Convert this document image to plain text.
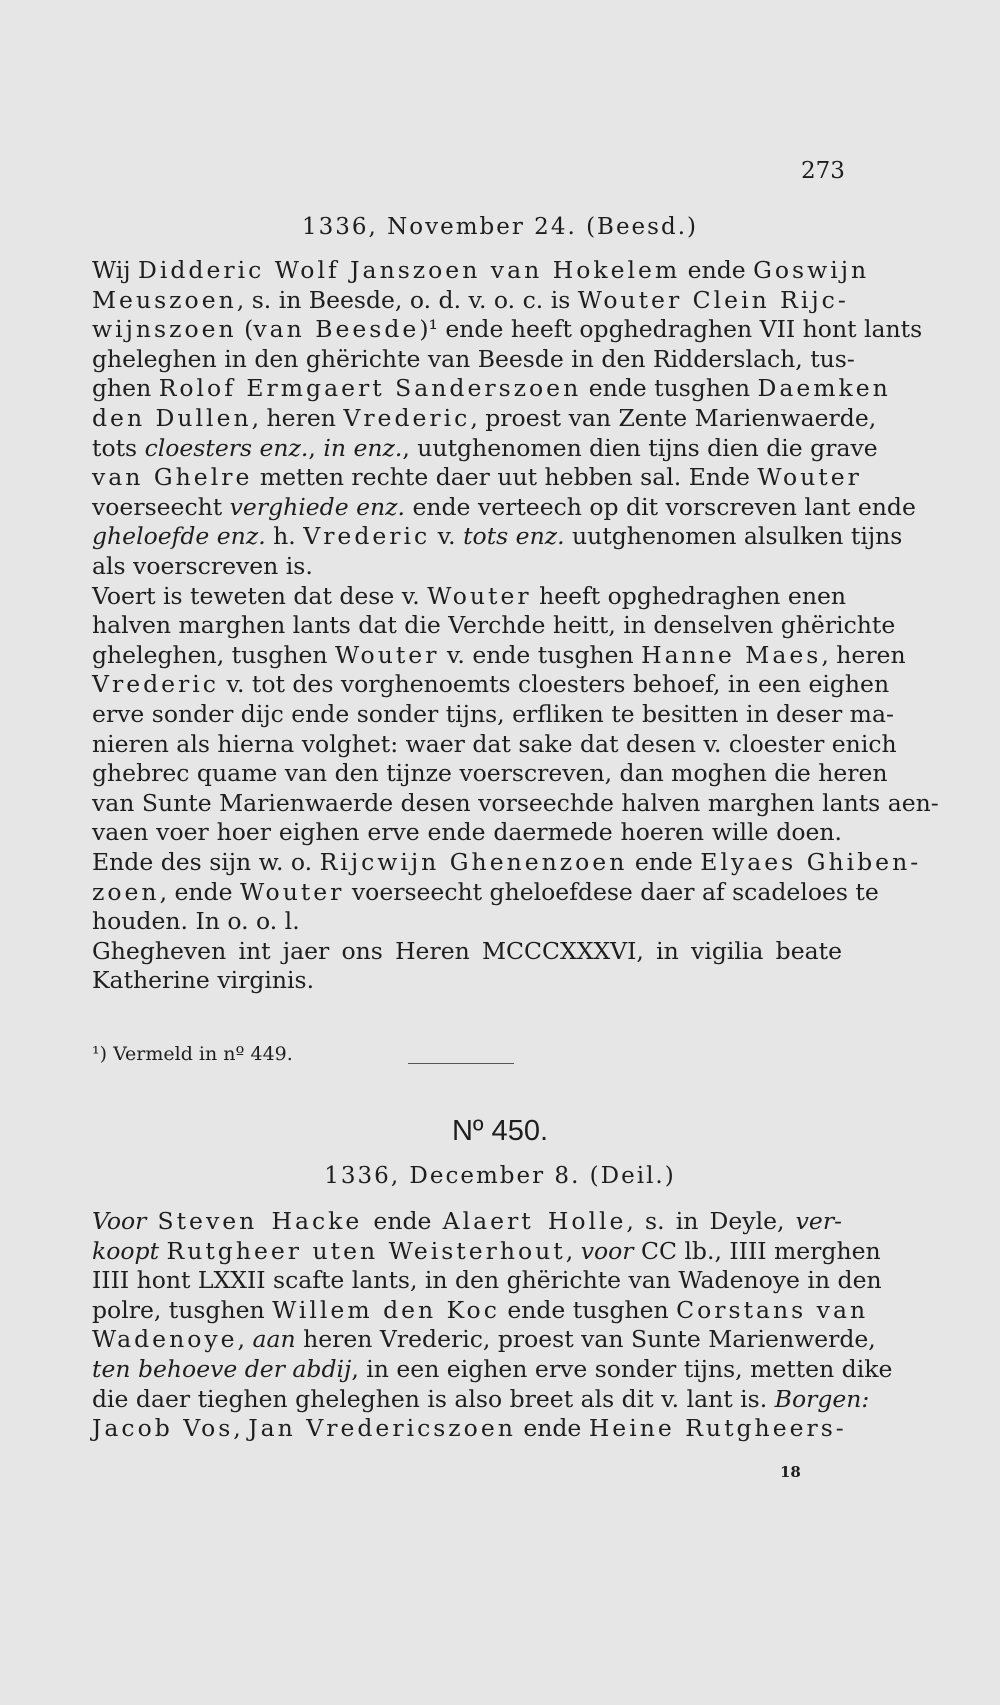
273
1336, November 24. (Beesd.)
Wij Didderic Wolf Janszoen van Hokelem ende Goswijn
Meuszoen, s. in Beesde, o. d. v. o. c. is Wouter Clein Rijc-
wijnszoen (van Beesde)¹ ende heeft opghedraghen VII hont lants
gheleghen in den ghërichte van Beesde in den Ridderslach, tus-
ghen Rolof Ermgaert Sanderszoen ende tusghen Daemken
den Dullen, heren Vrederic, proest van Zente Marienwaerde,
tots cloesters enz., in enz., uutghenomen dien tijns dien die grave
van Ghelre metten rechte daer uut hebben sal. Ende Wouter
voerseecht verghiede enz. ende verteech op dit vorscreven lant ende
gheloefde enz. h. Vrederic v. tots enz. uutghenomen alsulken tijns
als voerscreven is.
Voert is teweten dat dese v. Wouter heeft opghedraghen enen
halven marghen lants dat die Verchde heitt, in denselven ghërichte
gheleghen, tusghen Wouter v. ende tusghen Hanne Maes, heren
Vrederic v. tot des vorghenoemts cloesters behoef, in een eighen
erve sonder dijc ende sonder tijns, erfliken te besitten in deser ma-
nieren als hierna volghet: waer dat sake dat desen v. cloester enich
ghebrec quame van den tijnze voerscreven, dan moghen die heren
van Sunte Marienwaerde desen vorseechde halven marghen lants aen-
vaen voer hoer eighen erve ende daermede hoeren wille doen.
Ende des sijn w. o. Rijcwijn Ghenenzoen ende Elyaes Ghiben-
zoen, ende Wouter voerseecht gheloefdese daer af scadeloes te
houden. In o. o. l.
Ghegheven int jaer ons Heren MCCCXXXVI, in vigilia beate
Katherine virginis.
¹) Vermeld in nº 449.
Nº 450.
1336, December 8. (Deil.)
Voor Steven Hacke ende Alaert Holle, s. in Deyle, ver-
koopt Rutgheer uten Weisterhout, voor CC lb., IIII merghen
IIII hont LXXII scafte lants, in den ghërichte van Wadenoye in den
polre, tusghen Willem den Koc ende tusghen Corstans van
Wadenoye, aan heren Vrederic, proest van Sunte Marienwerde,
ten behoeve der abdij, in een eighen erve sonder tijns, metten dike
die daer tieghen gheleghen is also breet als dit v. lant is. Borgen:
Jacob Vos, Jan Vredericszoen ende Heine Rutgheers-
18
